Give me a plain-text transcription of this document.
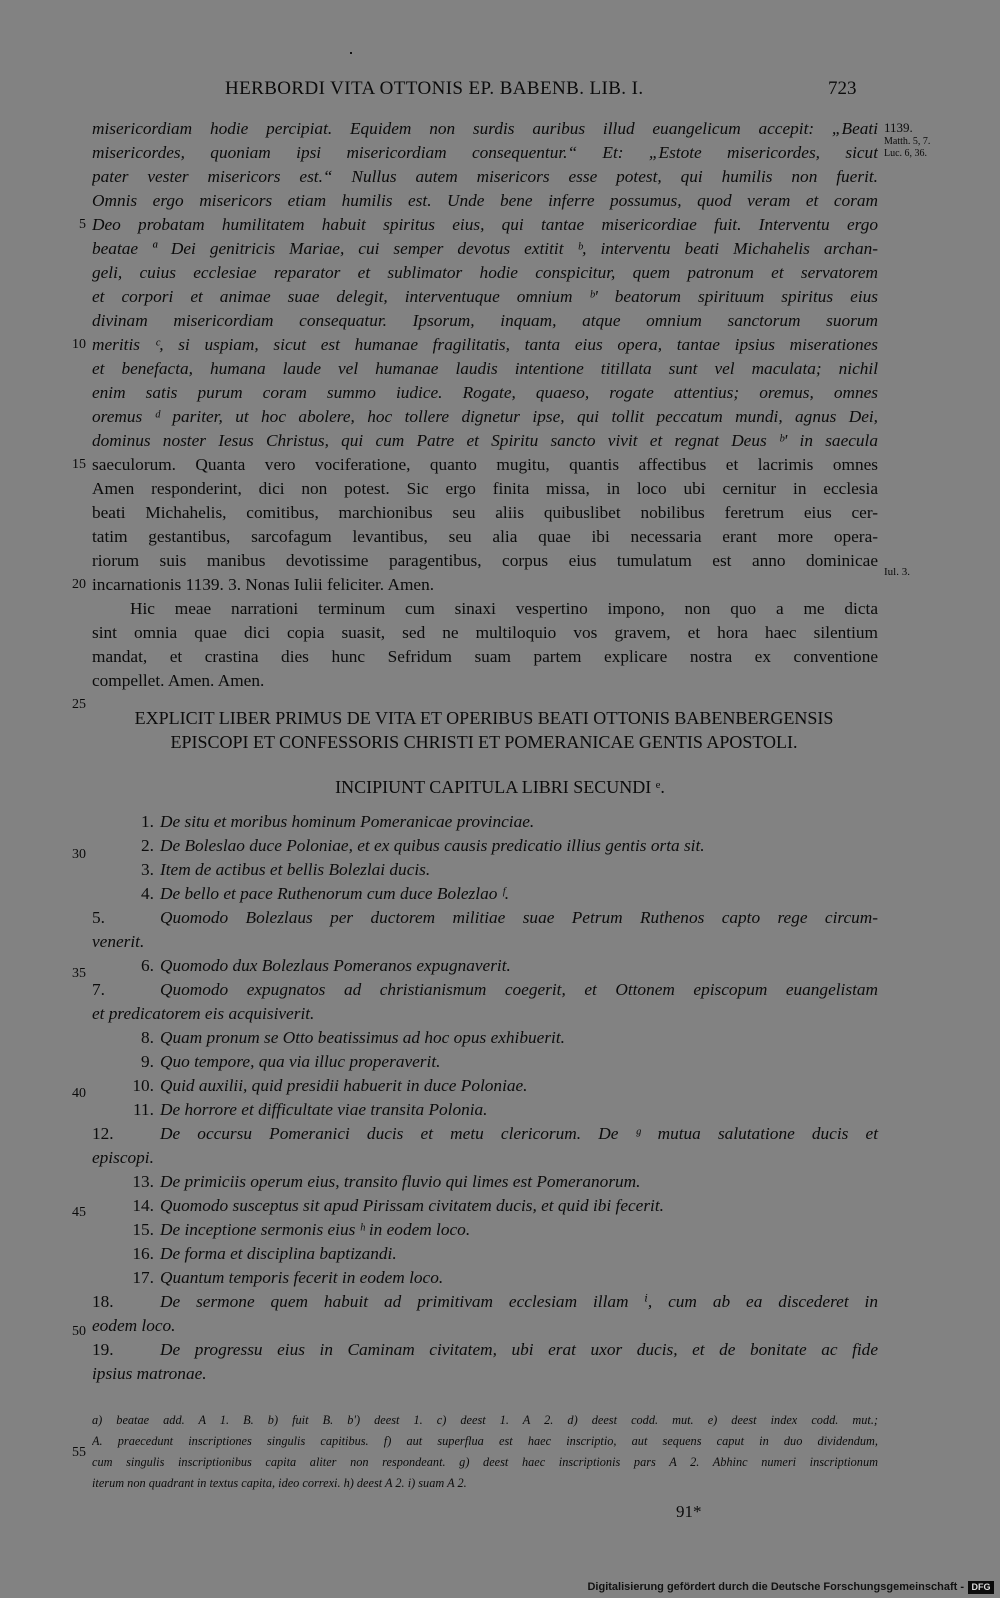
HERBORDI VITA OTTONIS EP. BABENB. LIB. I.	723
misericordiam hodie percipiat. Equidem non surdis auribus illud euangelicum accepit: „Beati
misericordes, quoniam ipsi misericordiam consequentur.“ Et: „Estote misericordes, sicut
pater vester misericors est.“ Nullus autem misericors esse potest, qui humilis non fuerit.
Omnis ergo misericors etiam humilis est. Unde bene inferre possumus, quod veram et coram
Deo probatam humilitatem habuit spiritus eius, qui tantae misericordiae fuit. Interventu ergo
beatae ª Dei genitricis Mariae, cui semper devotus extitit ᵇ, interventu beati Michahelis archan-
geli, cuius ecclesiae reparator et sublimator hodie conspicitur, quem patronum et servatorem
et corpori et animae suae delegit, interventuque omnium ᵇ' beatorum spirituum spiritus eius
divinam misericordiam consequatur. Ipsorum, inquam, atque omnium sanctorum suorum
meritis ᶜ, si uspiam, sicut est humanae fragilitatis, tanta eius opera, tantae ipsius miserationes
et benefacta, humana laude vel humanae laudis intentione titillata sunt vel maculata; nichil
enim satis purum coram summo iudice. Rogate, quaeso, rogate attentius; oremus, omnes
oremus ᵈ pariter, ut hoc abolere, hoc tollere dignetur ipse, qui tollit peccatum mundi, agnus Dei,
dominus noster Iesus Christus, qui cum Patre et Spiritu sancto vivit et regnat Deus ᵇ' in saecula
saeculorum. Quanta vero vociferatione, quanto mugitu, quantis affectibus et lacrimis omnes
Amen responderint, dici non potest. Sic ergo finita missa, in loco ubi cernitur in ecclesia
beati Michahelis, comitibus, marchionibus seu aliis quibuslibet nobilibus feretrum eius cer-
tatim gestantibus, sarcofagum levantibus, seu alia quae ibi necessaria erant more opera-
riorum suis manibus devotissime paragentibus, corpus eius tumulatum est anno dominicae
incarnationis 1139. 3. Nonas Iulii feliciter. Amen.
Hic meae narrationi terminum cum sinaxi vespertino impono, non quo a me dicta
sint omnia quae dici copia suasit, sed ne multiloquio vos gravem, et hora haec silentium
mandat, et crastina dies hunc Sefridum suam partem explicare nostra ex conventione
compellet. Amen. Amen.
5
10
15
20
25
30
35
40
45
50
55
1139.
Matth. 5, 7.
Luc. 6, 36.
Iul. 3.
EXPLICIT LIBER PRIMUS DE VITA ET OPERIBUS BEATI OTTONIS BABENBERGENSIS
EPISCOPI ET CONFESSORIS CHRISTI ET POMERANICAE GENTIS APOSTOLI.
INCIPIUNT CAPITULA LIBRI SECUNDI ᵉ.
1. De situ et moribus hominum Pomeranicae provinciae.
2. De Boleslao duce Poloniae, et ex quibus causis predicatio illius gentis orta sit.
3. Item de actibus et bellis Bolezlai ducis.
4. De bello et pace Ruthenorum cum duce Bolezlao ᶠ.
5.	Quomodo Bolezlaus per ductorem militiae suae Petrum Ruthenos capto rege circum-
venerit.
6. Quomodo dux Bolezlaus Pomeranos expugnaverit.
7.	Quomodo expugnatos ad christianismum coegerit, et Ottonem episcopum euangelistam
et predicatorem eis acquisiverit.
8. Quam pronum se Otto beatissimus ad hoc opus exhibuerit.
9. Quo tempore, qua via illuc properaverit.
10. Quid auxilii, quid presidii habuerit in duce Poloniae.
11. De horrore et difficultate viae transita Polonia.
12.	De occursu Pomeranici ducis et metu clericorum. De ᵍ mutua salutatione ducis et
episcopi.
13. De primiciis operum eius, transito fluvio qui limes est Pomeranorum.
14. Quomodo susceptus sit apud Pirissam civitatem ducis, et quid ibi fecerit.
15. De inceptione sermonis eius ʰ in eodem loco.
16. De forma et disciplina baptizandi.
17. Quantum temporis fecerit in eodem loco.
18.	De sermone quem habuit ad primitivam ecclesiam illam ⁱ, cum ab ea discederet in
eodem loco.
19.	De progressu eius in Caminam civitatem, ubi erat uxor ducis, et de bonitate ac fide
ipsius matronae.
a) beatae add. A 1. B. b) fuit B. b') deest 1. c) deest 1. A 2. d) deest codd. mut. e) deest index codd. mut.;
A. praecedunt inscriptiones singulis capitibus. f) aut superflua est haec inscriptio, aut sequens caput in duo dividendum,
cum singulis inscriptionibus capita aliter non respondeant. g) deest haec inscriptionis pars A 2. Abhinc numeri inscriptionum
iterum non quadrant in textus capita, ideo correxi. h) deest A 2. i) suam A 2.
91*
Digitalisierung gefördert durch die Deutsche Forschungsgemeinschaft - DFG
